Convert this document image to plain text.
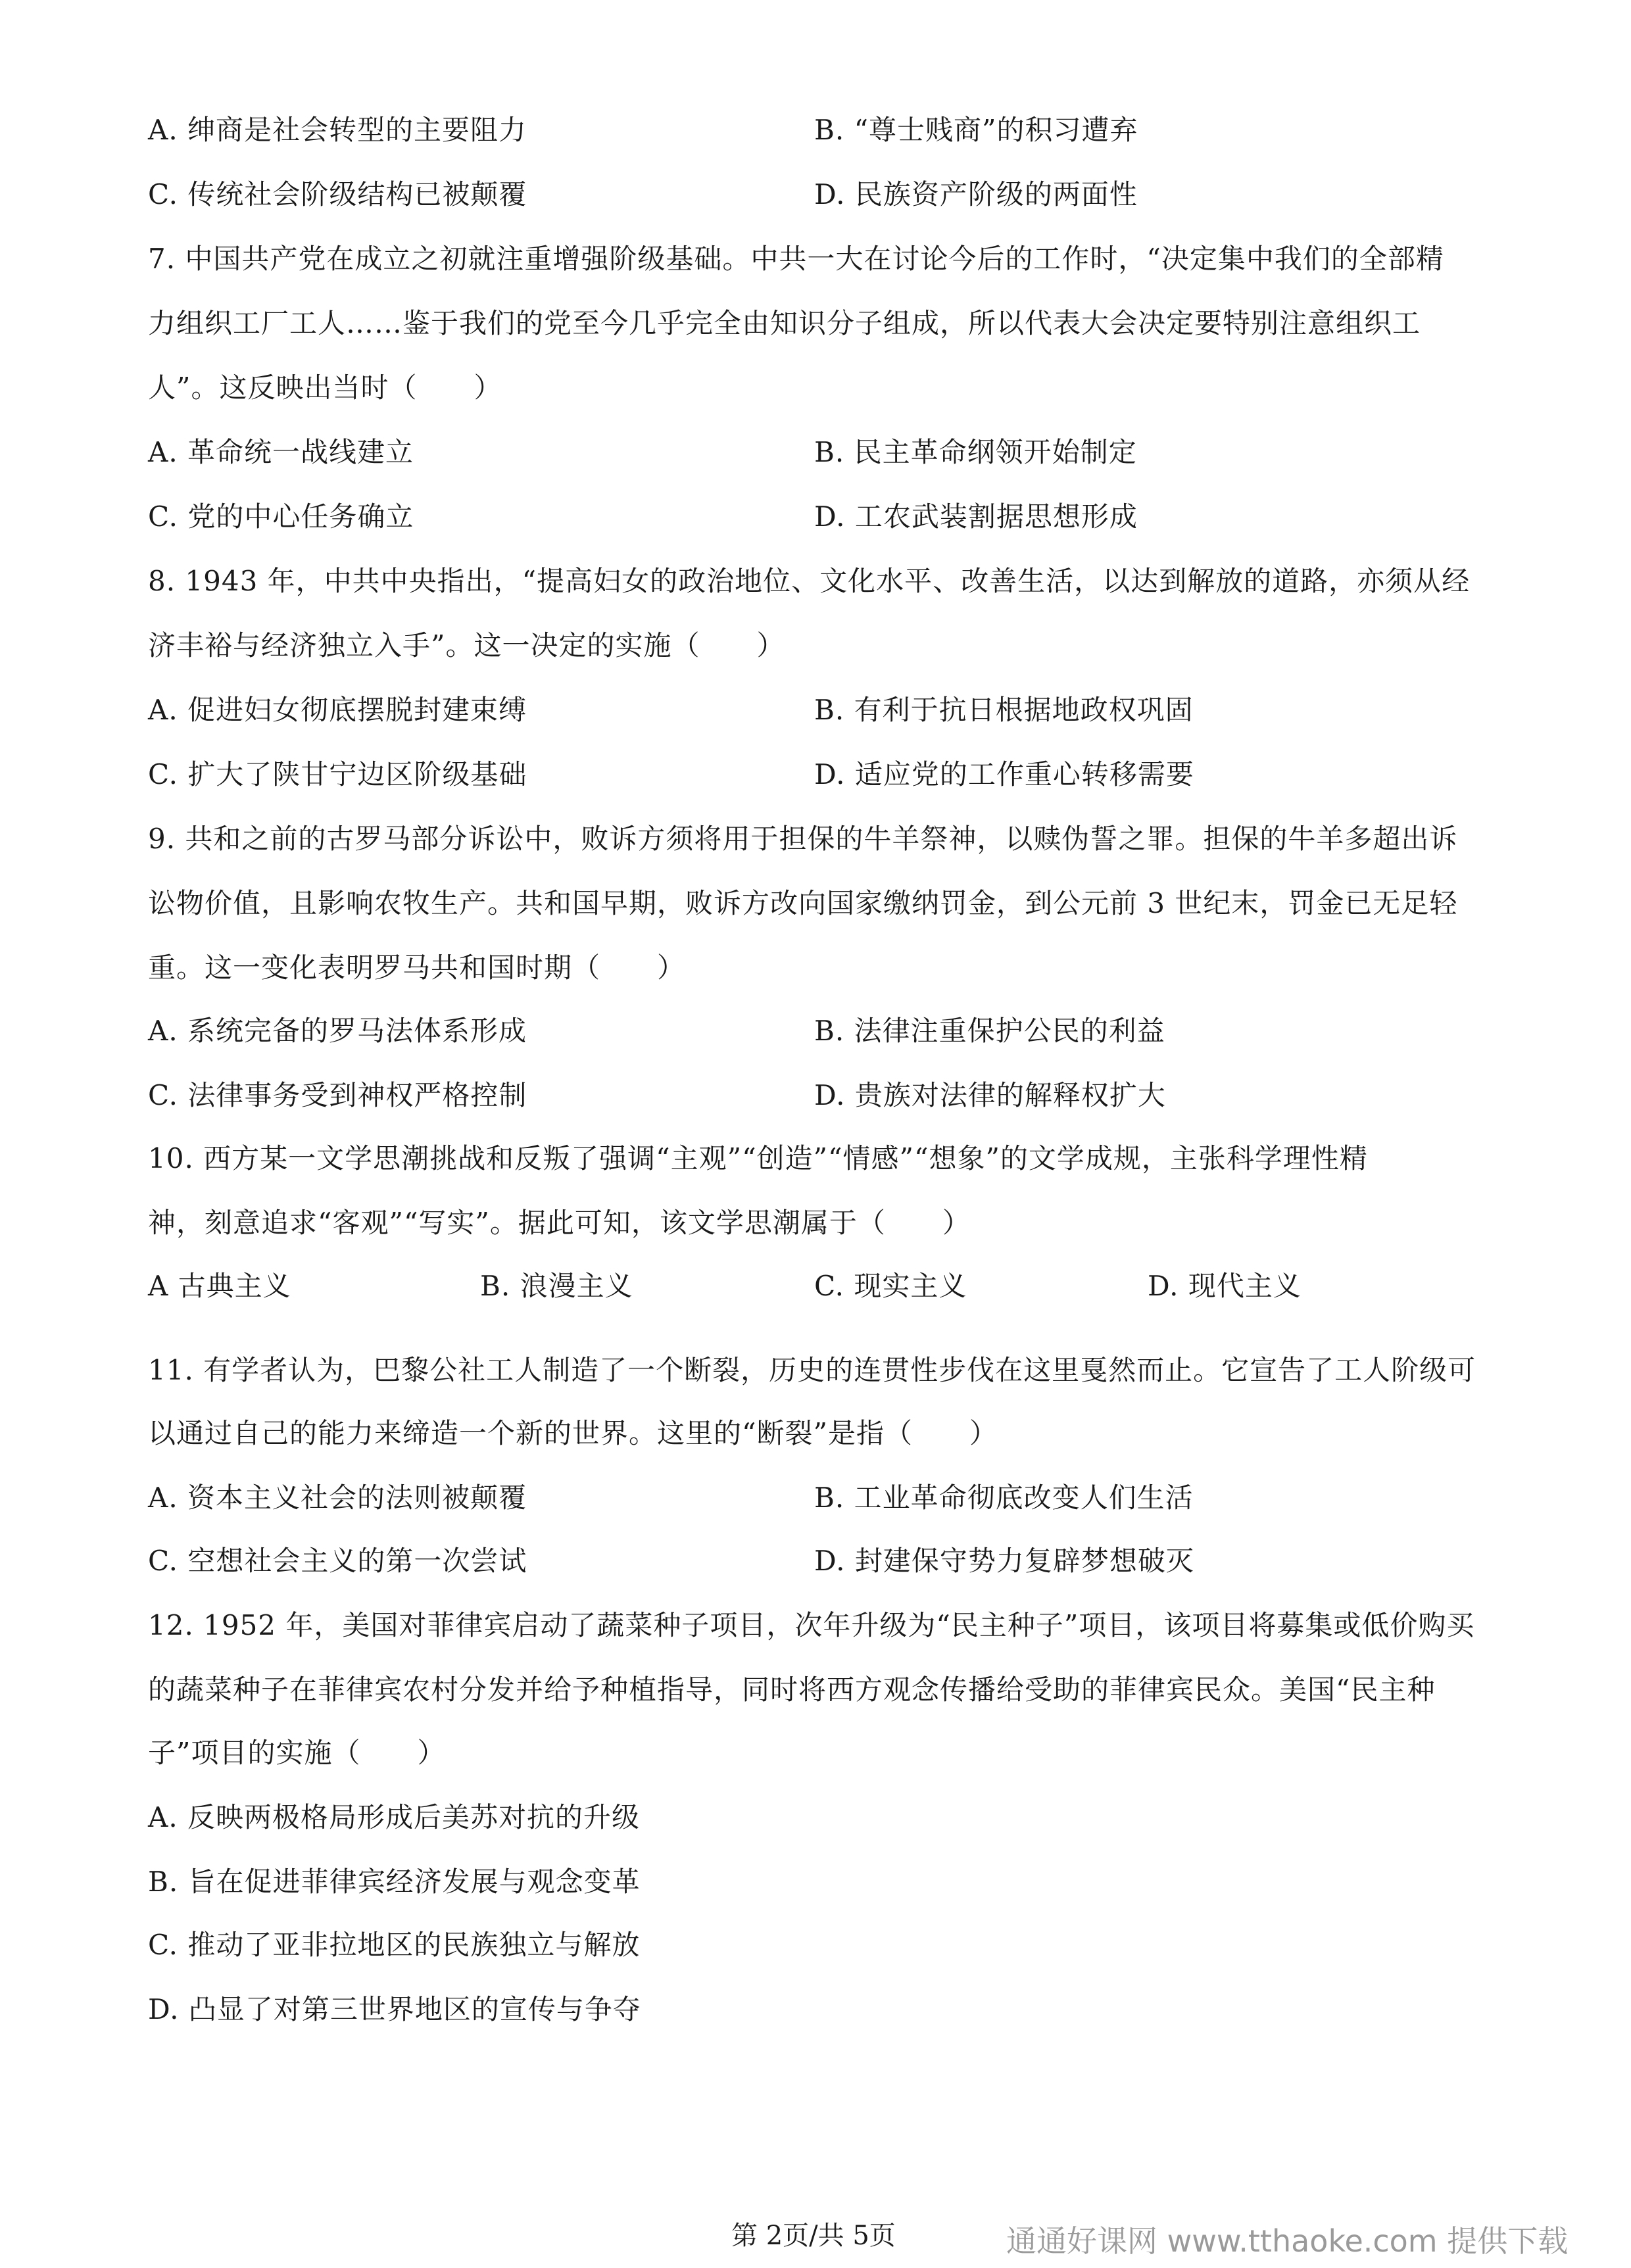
A. 绅商是社会转型的主要阻力	B. “尊士贱商”的积习遭弃
C. 传统社会阶级结构已被颠覆	D. 民族资产阶级的两面性
7. 中国共产党在成立之初就注重增强阶级基础。中共一大在讨论今后的工作时，“决定集中我们的全部精
力组织工厂工人……鉴于我们的党至今几乎完全由知识分子组成，所以代表大会决定要特别注意组织工
人”。这反映出当时（　　）
A. 革命统一战线建立	B. 民主革命纲领开始制定
C. 党的中心任务确立	D. 工农武装割据思想形成
8. 1943 年，中共中央指出，“提高妇女的政治地位、文化水平、改善生活，以达到解放的道路，亦须从经
济丰裕与经济独立入手”。这一决定的实施（　　）
A. 促进妇女彻底摆脱封建束缚	B. 有利于抗日根据地政权巩固
C. 扩大了陕甘宁边区阶级基础	D. 适应党的工作重心转移需要
9. 共和之前的古罗马部分诉讼中，败诉方须将用于担保的牛羊祭神，以赎伪誓之罪。担保的牛羊多超出诉
讼物价值，且影响农牧生产。共和国早期，败诉方改向国家缴纳罚金，到公元前 3 世纪末，罚金已无足轻
重。这一变化表明罗马共和国时期（　　）
A. 系统完备的罗马法体系形成	B. 法律注重保护公民的利益
C. 法律事务受到神权严格控制	D. 贵族对法律的解释权扩大
10. 西方某一文学思潮挑战和反叛了强调“主观”“创造”“情感”“想象”的文学成规，主张科学理性精
神，刻意追求“客观”“写实”。据此可知，该文学思潮属于（　　）
A 古典主义	B. 浪漫主义	C. 现实主义	D. 现代主义
11. 有学者认为，巴黎公社工人制造了一个断裂，历史的连贯性步伐在这里戛然而止。它宣告了工人阶级可
以通过自己的能力来缔造一个新的世界。这里的“断裂”是指（　　）
A. 资本主义社会的法则被颠覆	B. 工业革命彻底改变人们生活
C. 空想社会主义的第一次尝试	D. 封建保守势力复辟梦想破灭
12. 1952 年，美国对菲律宾启动了蔬菜种子项目，次年升级为“民主种子”项目，该项目将募集或低价购买
的蔬菜种子在菲律宾农村分发并给予种植指导，同时将西方观念传播给受助的菲律宾民众。美国“民主种
子”项目的实施（　　）
A. 反映两极格局形成后美苏对抗的升级
B. 旨在促进菲律宾经济发展与观念变革
C. 推动了亚非拉地区的民族独立与解放
D. 凸显了对第三世界地区的宣传与争夺
第 2页/共 5页	通通好课网 www.tthaoke.com 提供下载
